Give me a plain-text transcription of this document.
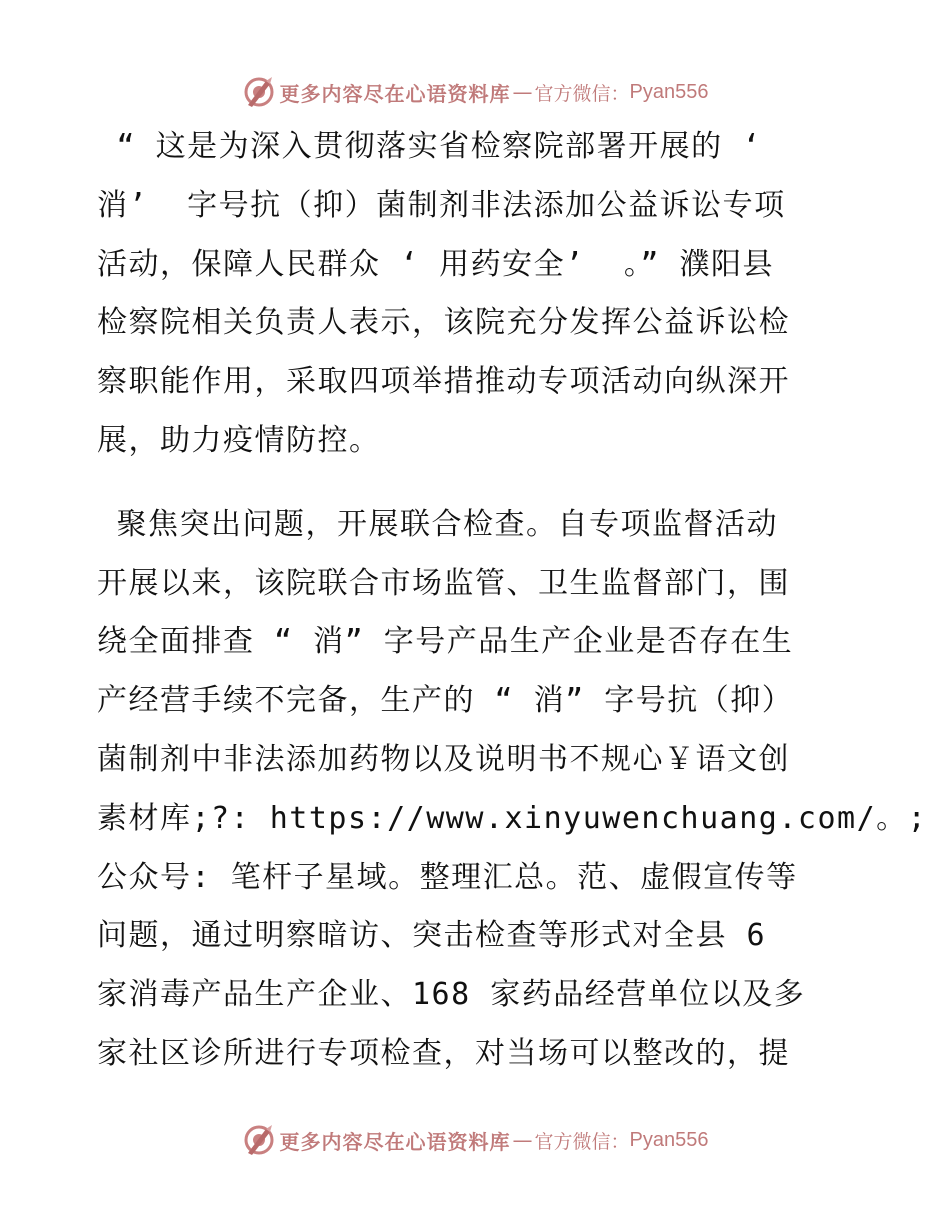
更多内容尽在心语资料库 — 官方微信： Pyan556
“ 这是为深入贯彻落实省检察院部署开展的 ‘
消’  字号抗（抑）菌制剂非法添加公益诉讼专项
活动，保障人民群众 ‘ 用药安全’  。” 濮阳县
检察院相关负责人表示，该院充分发挥公益诉讼检
察职能作用，采取四项举措推动专项活动向纵深开
展，助力疫情防控。
聚焦突出问题，开展联合检查。自专项监督活动
开展以来，该院联合市场监管、卫生监督部门，围
绕全面排查 “ 消” 字号产品生产企业是否存在生
产经营手续不完备，生产的 “ 消” 字号抗（抑）
菌制剂中非法添加药物以及说明书不规心￥语文创
素材库;?: https://www.xinyuwenchuang.com/。;
公众号: 笔杆子星域。整理汇总。范、虚假宣传等
问题，通过明察暗访、突击检查等形式对全县 6
家消毒产品生产企业、168 家药品经营单位以及多
家社区诊所进行专项检查，对当场可以整改的，提
更多内容尽在心语资料库 — 官方微信： Pyan556
